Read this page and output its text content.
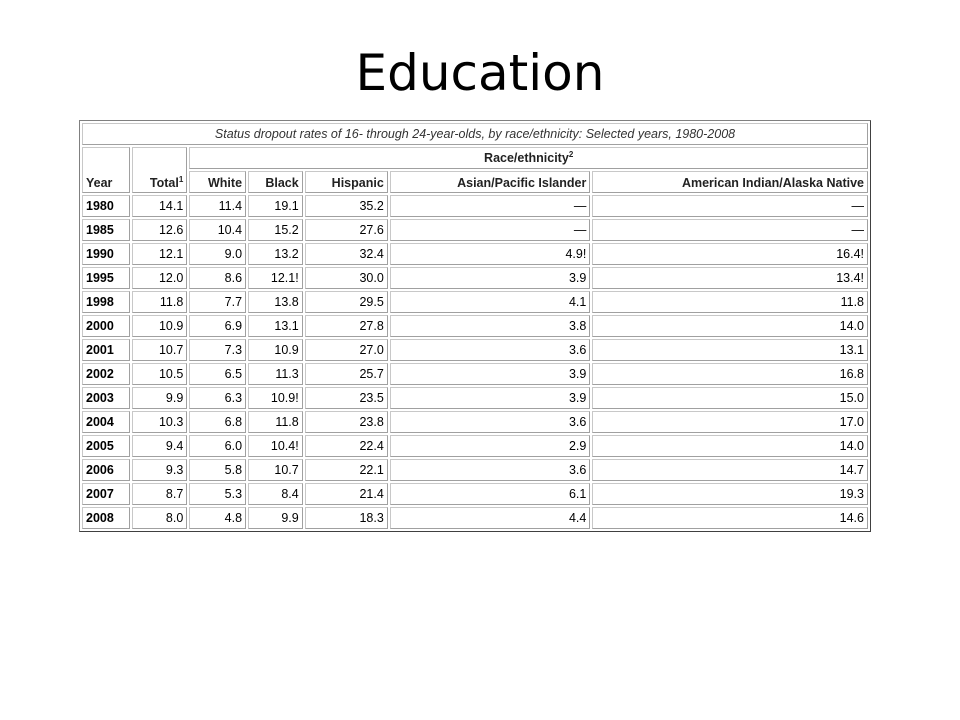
Education
Status dropout rates of 16- through 24-year-olds, by race/ethnicity: Selected years, 1980-2008						
Year	Total$^1$	Race/ethnicity$^2$
		White	Black	Hispanic	Asian/Pacific Islander	American Indian/Alaska Native
1980	14.1	11.4	19.1	35.2	—	—
1985	12.6	10.4	15.2	27.6	—	—
1990	12.1	9.0	13.2	32.4	4.9!	16.4!
1995	12.0	8.6	12.1!	30.0	3.9	13.4!
1998	11.8	7.7	13.8	29.5	4.1	11.8
2000	10.9	6.9	13.1	27.8	3.8	14.0
2001	10.7	7.3	10.9	27.0	3.6	13.1
2002	10.5	6.5	11.3	25.7	3.9	16.8
2003	9.9	6.3	10.9!	23.5	3.9	15.0
2004	10.3	6.8	11.8	23.8	3.6	17.0
2005	9.4	6.0	10.4!	22.4	2.9	14.0
2006	9.3	5.8	10.7	22.1	3.6	14.7
2007	8.7	5.3	8.4	21.4	6.1	19.3
2008	8.0	4.8	9.9	18.3	4.4	14.6
